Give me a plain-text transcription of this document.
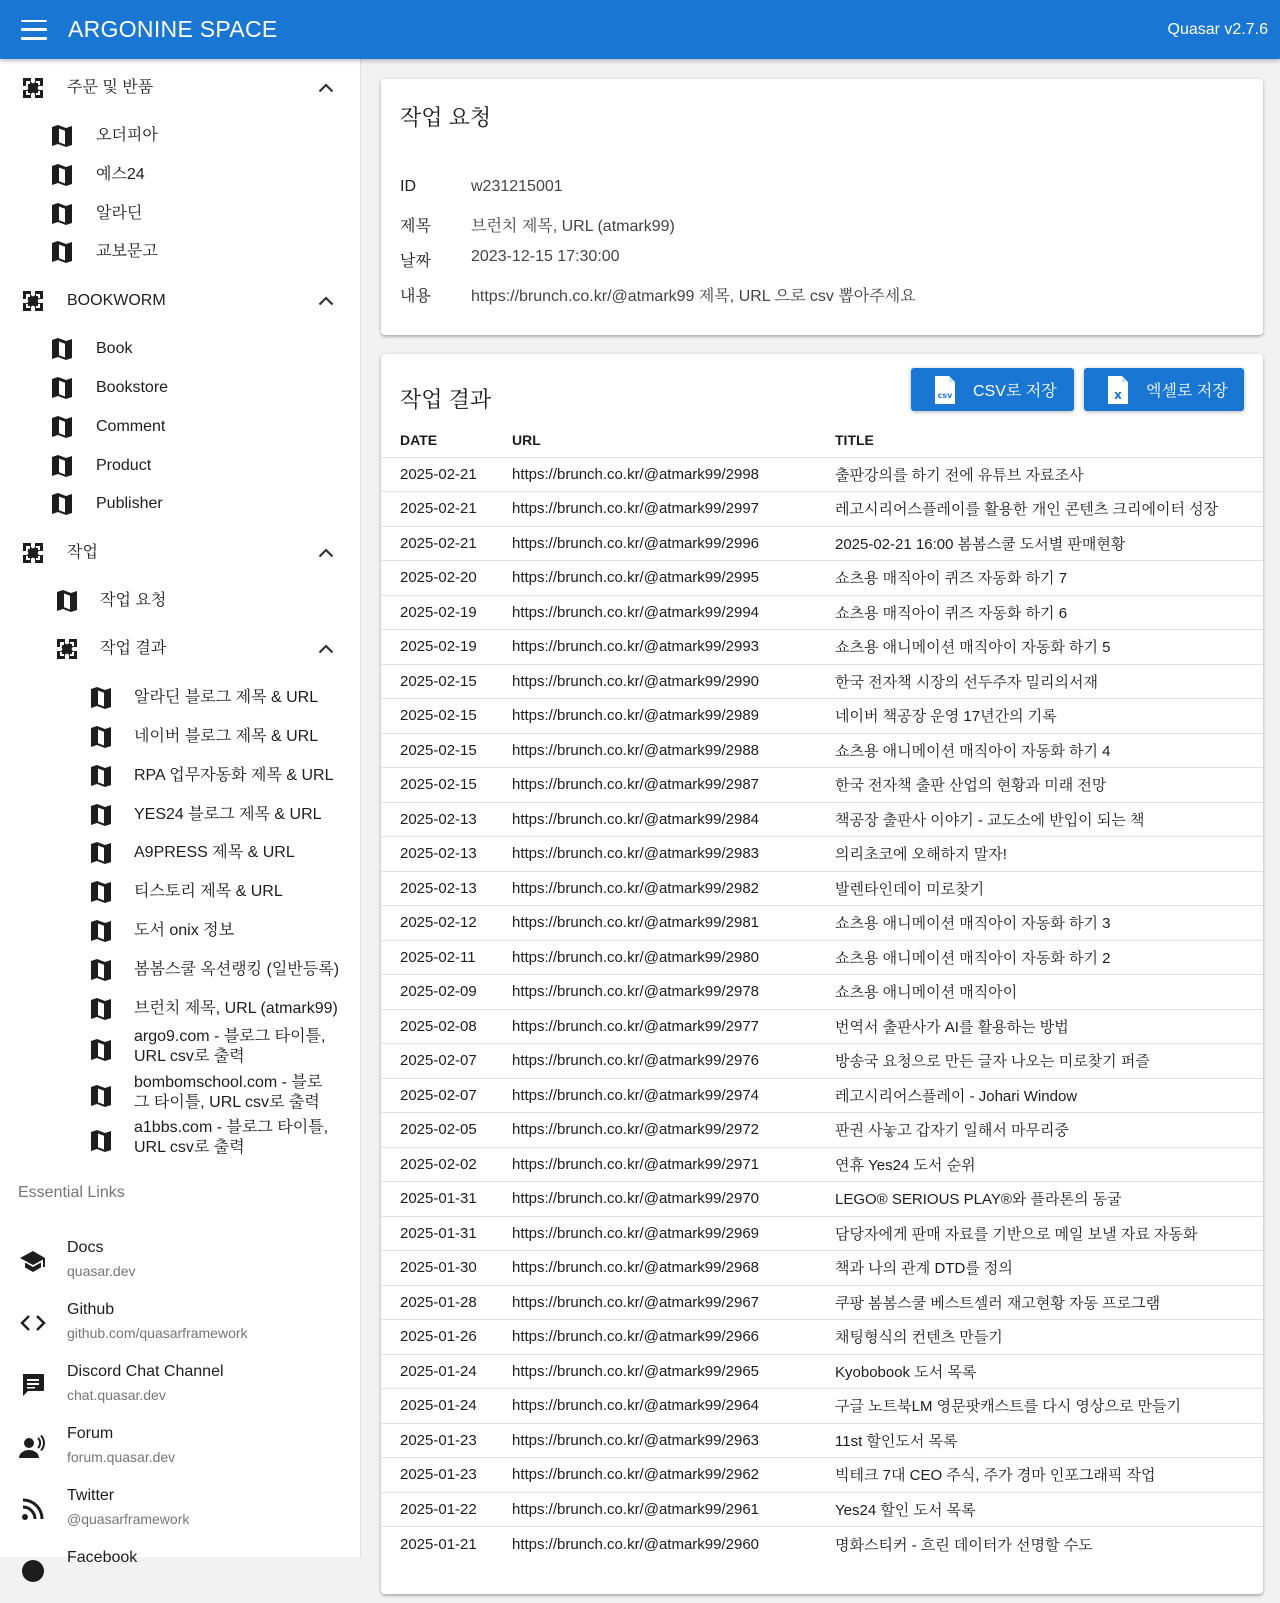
ARGONINE SPACE	Quasar v2.7.6
주문 및 반품
오더피아
예스24
알라딘
교보문고
BOOKWORM
Book
Bookstore
Comment
Product
Publisher
작업
작업 요청
작업 결과
알라딘 블로그 제목 & URL
네이버 블로그 제목 & URL
RPA 업무자동화 제목 & URL
YES24 블로그 제목 & URL
A9PRESS 제목 & URL
티스토리 제목 & URL
도서 onix 정보
봄봄스쿨 옥션랭킹 (일반등록)
브런치 제목, URL (atmark99)
argo9.com - 블로그 타이틀,
URL csv로 출력
bombomschool.com - 블로
그 타이틀, URL csv로 출력
a1bbs.com - 블로그 타이틀,
URL csv로 출력
Essential Links
Docs
quasar.dev
Github
github.com/quasarframework
Discord Chat Channel
chat.quasar.dev
Forum
forum.quasar.dev
Twitter
@quasarframework
Facebook
작업 요청
ID	w231215001
제목	브런치 제목, URL (atmark99)
날짜	2023-12-15 17:30:00
내용	https://brunch.co.kr/@atmark99 제목, URL 으로 csv 뽑아주세요
작업 결과	csv CSV로 저장	x 엑셀로 저장
DATE	URL	TITLE
2025-02-21	https://brunch.co.kr/@atmark99/2998	출판강의를 하기 전에 유튜브 자료조사
2025-02-21	https://brunch.co.kr/@atmark99/2997	레고시리어스플레이를 활용한 개인 콘텐츠 크리에이터 성장
2025-02-21	https://brunch.co.kr/@atmark99/2996	2025-02-21 16:00 봄봄스쿨 도서별 판매현황
2025-02-20	https://brunch.co.kr/@atmark99/2995	쇼츠용 매직아이 퀴즈 자동화 하기 7
2025-02-19	https://brunch.co.kr/@atmark99/2994	쇼츠용 매직아이 퀴즈 자동화 하기 6
2025-02-19	https://brunch.co.kr/@atmark99/2993	쇼츠용 애니메이션 매직아이 자동화 하기 5
2025-02-15	https://brunch.co.kr/@atmark99/2990	한국 전자책 시장의 선두주자 밀리의서재
2025-02-15	https://brunch.co.kr/@atmark99/2989	네이버 책공장 운영 17년간의 기록
2025-02-15	https://brunch.co.kr/@atmark99/2988	쇼츠용 애니메이션 매직아이 자동화 하기 4
2025-02-15	https://brunch.co.kr/@atmark99/2987	한국 전자책 출판 산업의 현황과 미래 전망
2025-02-13	https://brunch.co.kr/@atmark99/2984	책공장 출판사 이야기 - 교도소에 반입이 되는 책
2025-02-13	https://brunch.co.kr/@atmark99/2983	의리초코에 오해하지 말자!
2025-02-13	https://brunch.co.kr/@atmark99/2982	발렌타인데이 미로찾기
2025-02-12	https://brunch.co.kr/@atmark99/2981	쇼츠용 애니메이션 매직아이 자동화 하기 3
2025-02-11	https://brunch.co.kr/@atmark99/2980	쇼츠용 애니메이션 매직아이 자동화 하기 2
2025-02-09	https://brunch.co.kr/@atmark99/2978	쇼츠용 애니메이션 매직아이
2025-02-08	https://brunch.co.kr/@atmark99/2977	번역서 출판사가 AI를 활용하는 방법
2025-02-07	https://brunch.co.kr/@atmark99/2976	방송국 요청으로 만든 글자 나오는 미로찾기 퍼즐
2025-02-07	https://brunch.co.kr/@atmark99/2974	레고시리어스플레이 - Johari Window
2025-02-05	https://brunch.co.kr/@atmark99/2972	판권 사놓고 갑자기 일해서 마무리중
2025-02-02	https://brunch.co.kr/@atmark99/2971	연휴 Yes24 도서 순위
2025-01-31	https://brunch.co.kr/@atmark99/2970	LEGO® SERIOUS PLAY®와 플라톤의 동굴
2025-01-31	https://brunch.co.kr/@atmark99/2969	담당자에게 판매 자료를 기반으로 메일 보낼 자료 자동화
2025-01-30	https://brunch.co.kr/@atmark99/2968	책과 나의 관계 DTD를 정의
2025-01-28	https://brunch.co.kr/@atmark99/2967	쿠팡 봄봄스쿨 베스트셀러 재고현황 자동 프로그램
2025-01-26	https://brunch.co.kr/@atmark99/2966	채팅형식의 컨텐츠 만들기
2025-01-24	https://brunch.co.kr/@atmark99/2965	Kyobobook 도서 목록
2025-01-24	https://brunch.co.kr/@atmark99/2964	구글 노트북LM 영문팟캐스트를 다시 영상으로 만들기
2025-01-23	https://brunch.co.kr/@atmark99/2963	11st 할인도서 목록
2025-01-23	https://brunch.co.kr/@atmark99/2962	빅테크 7대 CEO 주식, 주가 경마 인포그래픽 작업
2025-01-22	https://brunch.co.kr/@atmark99/2961	Yes24 할인 도서 목록
2025-01-21	https://brunch.co.kr/@atmark99/2960	명화스티커 - 흐린 데이터가 선명할 수도
